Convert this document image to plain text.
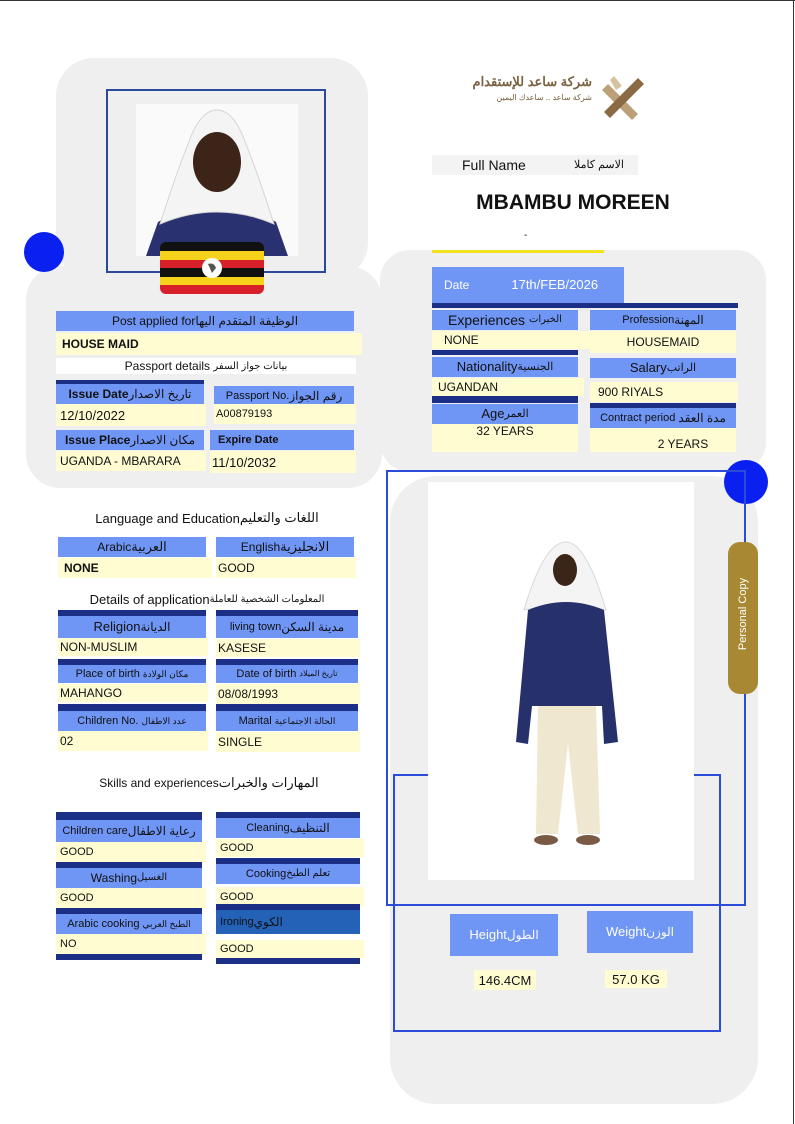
شركة ساعد للإستقدام
شركة ساعد .. ساعدك اليمين
Full Name	الاسم كاملا
MBAMBU MOREEN
-
Date	17th/FEB/2026
Post applied for الوظيفة المتقدم اليها
HOUSE MAID
Passport details
بيانات جواز السفر
Issue Date تاريخ الاصدار
12/10/2022
Passport No. رقم الجواز
A00879193
Issue Place مكان الاصدار
UGANDA - MBARARA
Expire Date
11/10/2032
Experiences
الخبرات
NONE
Profession المهنة
HOUSEMAID
Nationality الجنسية
UGANDAN
Salary الراتب
900 RIYALS
Age العمر
32 YEARS
Contract period
مدة العقد
2 YEARS
Language and Education اللغات والتعليم
Arabic العربية
NONE
English الانجليزية
GOOD
Details of application المعلومات الشخصية للعاملة
Religion الديانة
NON-MUSLIM
living town مدينة السكن
KASESE
Place of birth
مكان الولادة
MAHANGO
Date of birth
تاريخ الميلاد
08/08/1993
Children No.
عدد الاطفال
02
Marital
الحالة الاجتماعية
SINGLE
Skills and experiences المهارات والخبرات
Children care رعاية الاطفال
GOOD
Cleaning التنظيف
GOOD
Washing الغسيل
GOOD
Cooking تعلم الطبخ
GOOD
Arabic cooking
الطبخ العربي
NO
Ironing الكوي
GOOD
Personal Copy
Height الطول	Weight الوزن
146.4CM	57.0 KG
